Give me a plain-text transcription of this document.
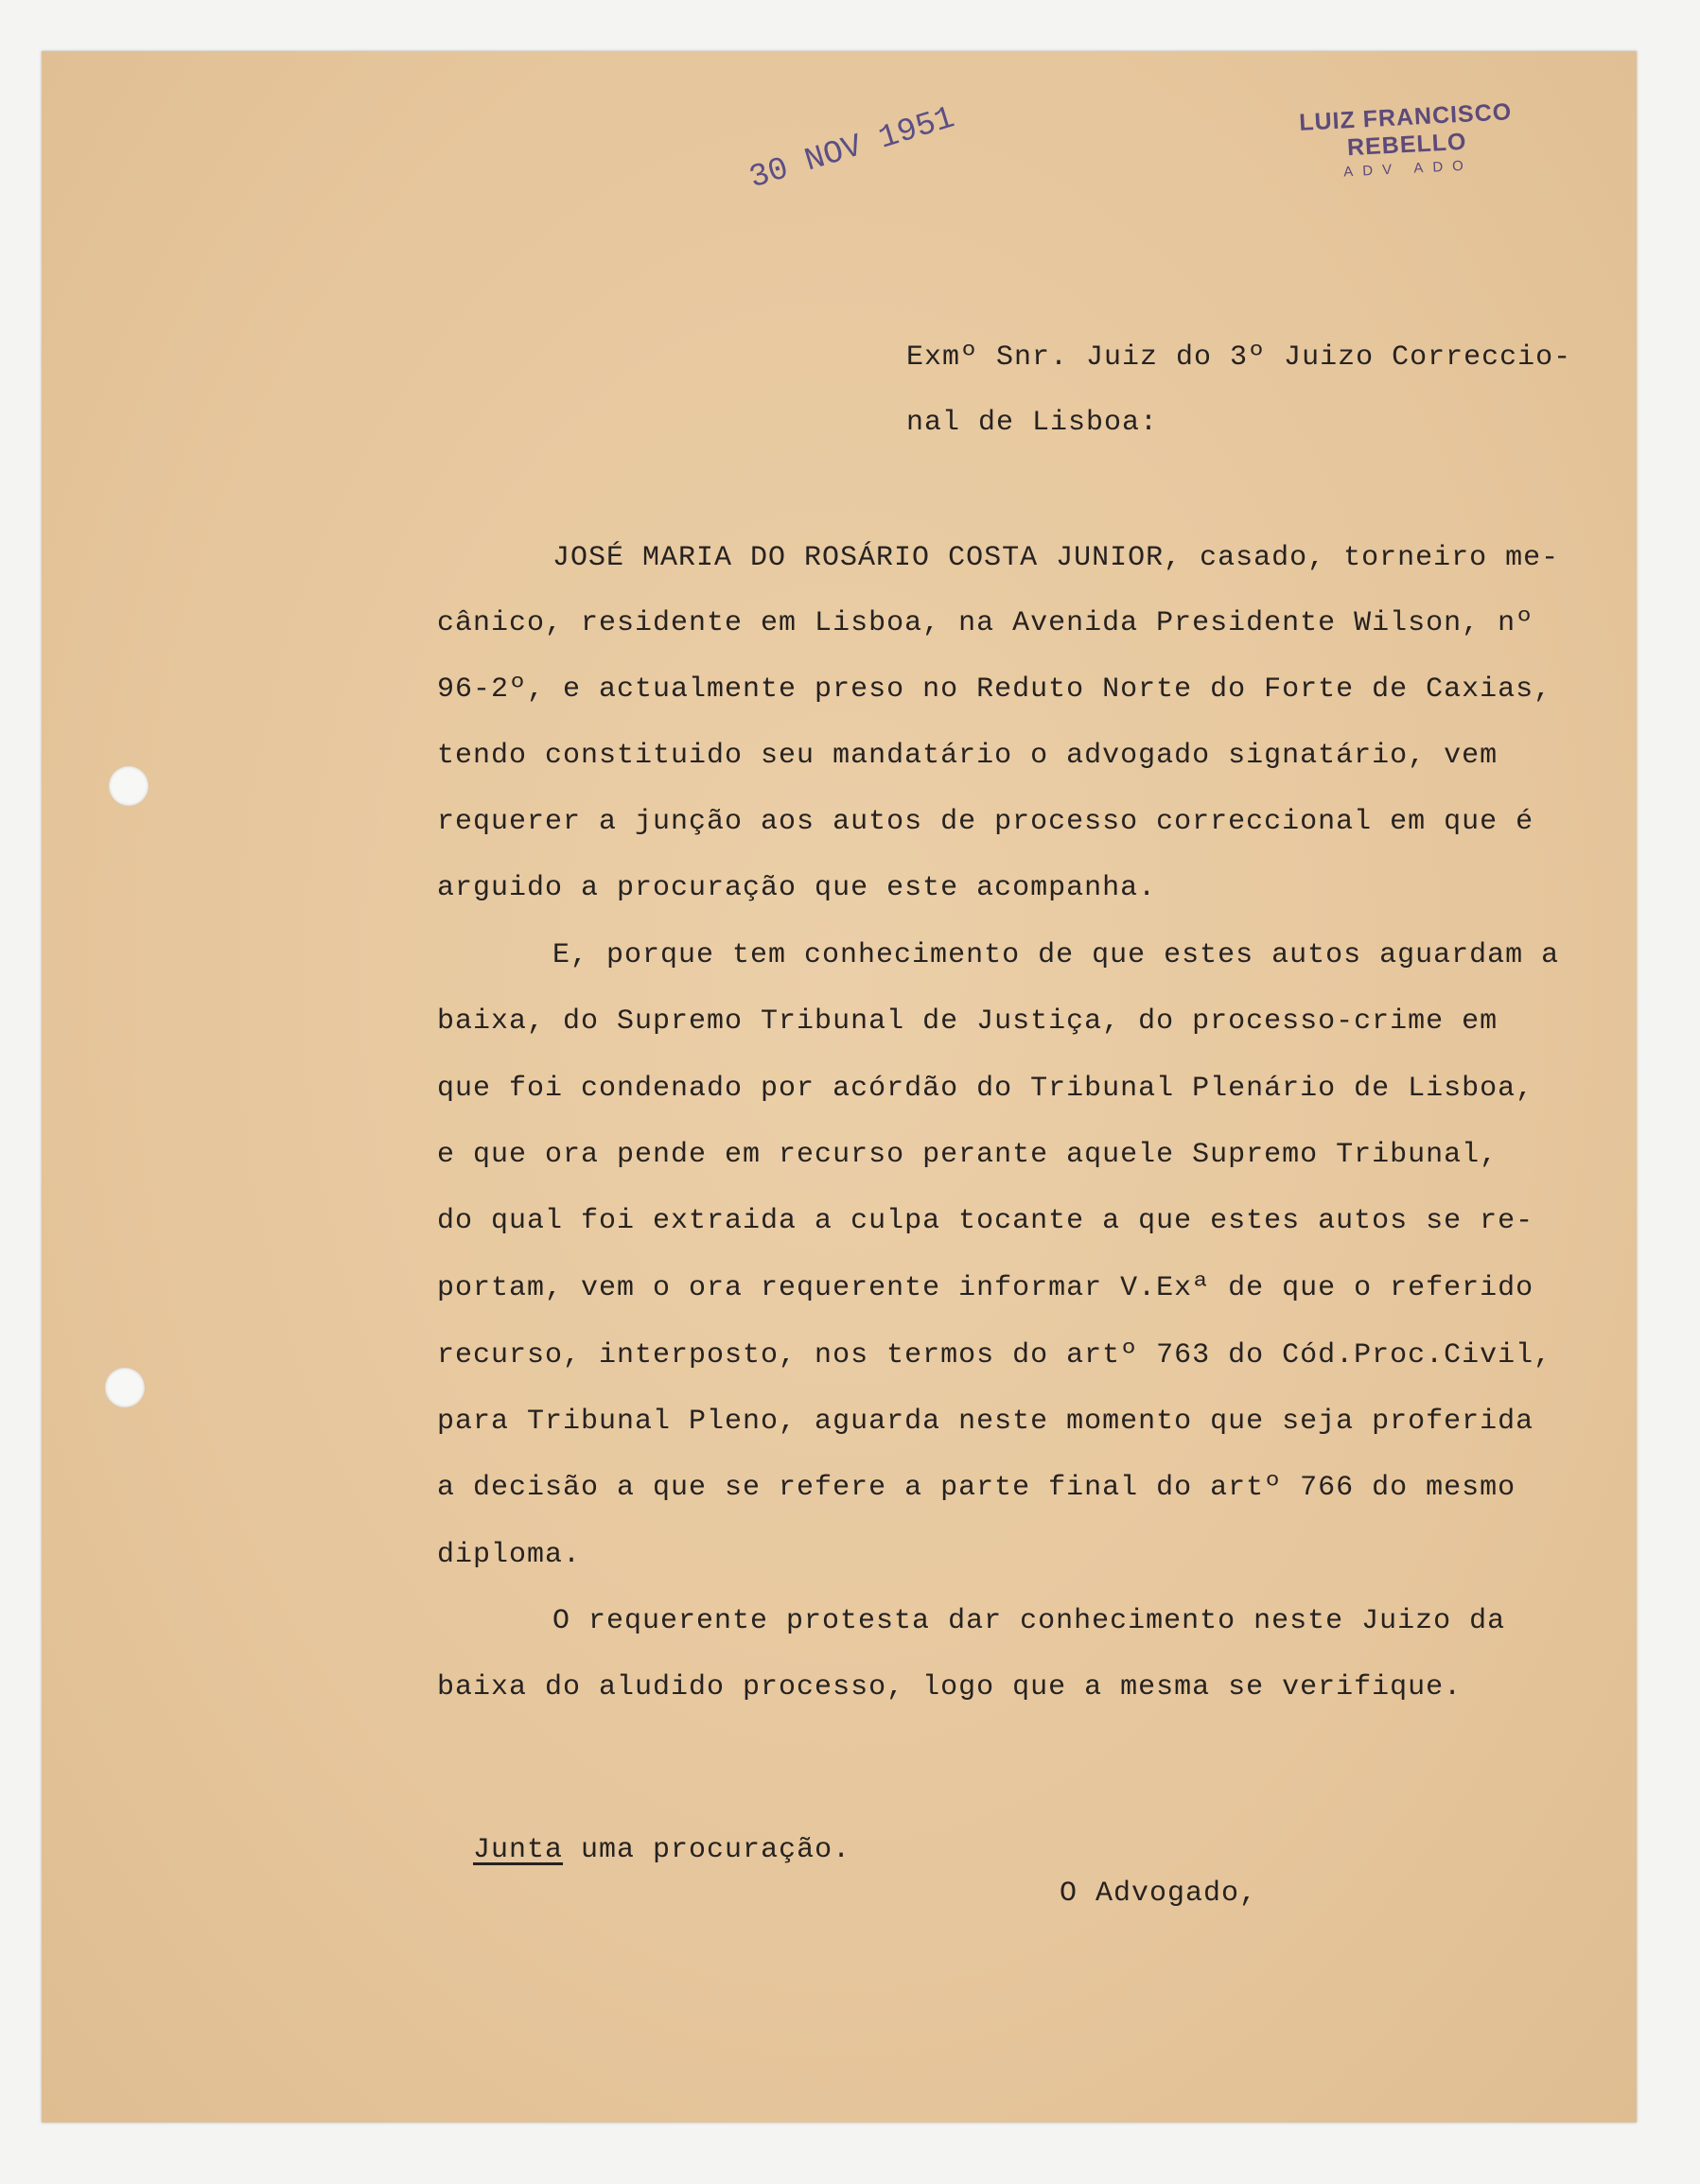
LUIZ FRANCISCO REBELLO
ADV ADO
30 NOV 1951
Exmº Snr. Juiz do 3º Juizo Correccio-
nal de Lisboa:
JOSÉ MARIA DO ROSÁRIO COSTA JUNIOR, casado, torneiro me-
cânico, residente em Lisboa, na Avenida Presidente Wilson, nº
96-2º, e actualmente preso no Reduto Norte do Forte de Caxias,
tendo constituido seu mandatário o advogado signatário, vem
requerer a junção aos autos de processo correccional em que é
arguido a procuração que este acompanha.
E, porque tem conhecimento de que estes autos aguardam a
baixa, do Supremo Tribunal de Justiça, do processo-crime em
que foi condenado por acórdão do Tribunal Plenário de Lisboa,
e que ora pende em recurso perante aquele Supremo Tribunal,
do qual foi extraida a culpa tocante a que estes autos se re-
portam, vem o ora requerente informar V.Exª de que o referido
recurso, interposto, nos termos do artº 763 do Cód.Proc.Civil,
para Tribunal Pleno, aguarda neste momento que seja proferida
a decisão a que se refere a parte final do artº 766 do mesmo
diploma.
O requerente protesta dar conhecimento neste Juizo da
baixa do aludido processo, logo que a mesma se verifique.

Junta uma procuração.

O Advogado,
